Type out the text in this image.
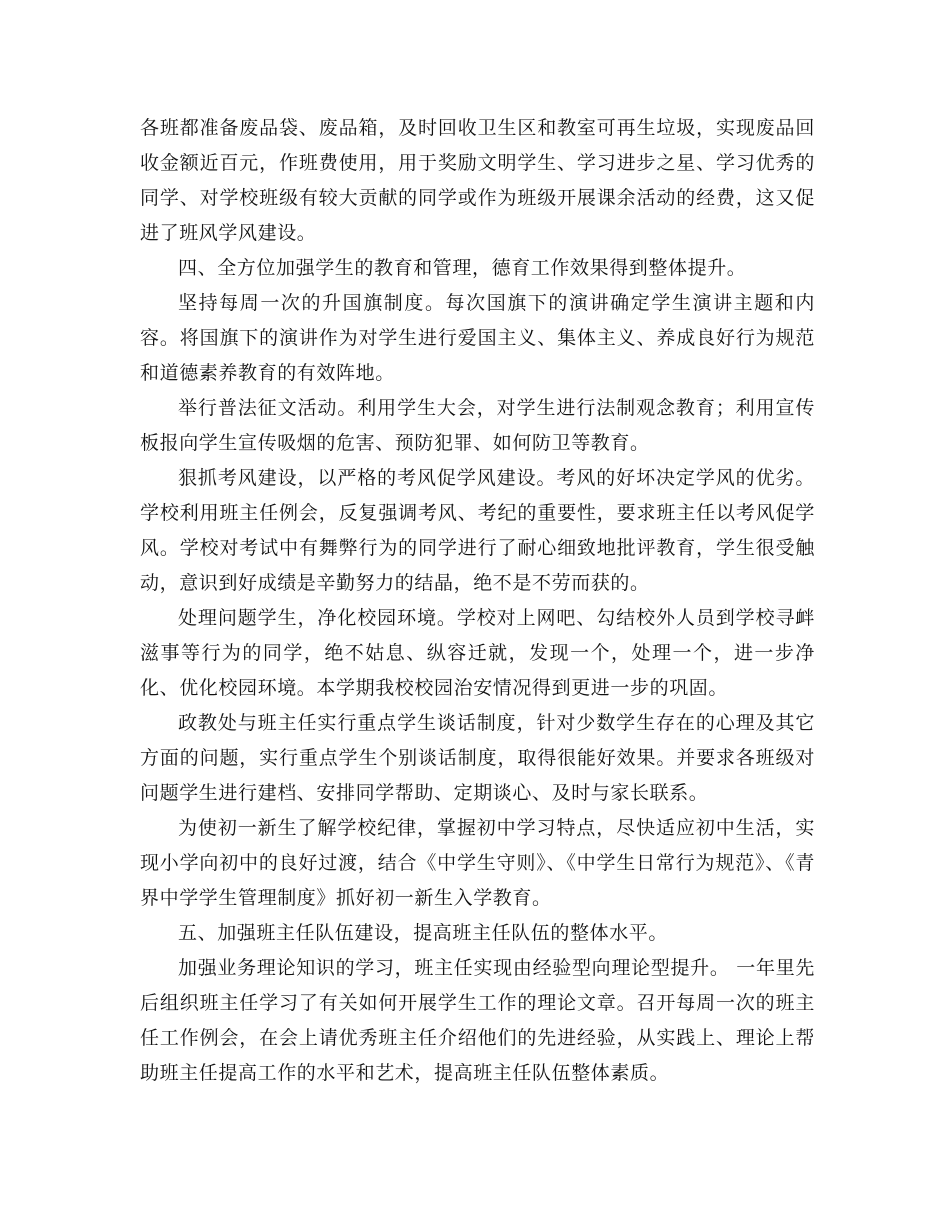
各班都准备废品袋、废品箱，及时回收卫生区和教室可再生垃圾，实现废品回收金额近百元，作班费使用，用于奖励文明学生、学习进步之星、学习优秀的同学、对学校班级有较大贡献的同学或作为班级开展课余活动的经费，这又促进了班风学风建设。

四、全方位加强学生的教育和管理，德育工作效果得到整体提升。

坚持每周一次的升国旗制度。每次国旗下的演讲确定学生演讲主题和内容。将国旗下的演讲作为对学生进行爱国主义、集体主义、养成良好行为规范和道德素养教育的有效阵地。

举行普法征文活动。利用学生大会，对学生进行法制观念教育；利用宣传板报向学生宣传吸烟的危害、预防犯罪、如何防卫等教育。

狠抓考风建设，以严格的考风促学风建设。考风的好坏决定学风的优劣。学校利用班主任例会，反复强调考风、考纪的重要性，要求班主任以考风促学风。学校对考试中有舞弊行为的同学进行了耐心细致地批评教育，学生很受触动，意识到好成绩是辛勤努力的结晶，绝不是不劳而获的。

处理问题学生，净化校园环境。学校对上网吧、勾结校外人员到学校寻衅滋事等行为的同学，绝不姑息、纵容迁就，发现一个，处理一个，进一步净化、优化校园环境。本学期我校校园治安情况得到更进一步的巩固。

政教处与班主任实行重点学生谈话制度，针对少数学生存在的心理及其它方面的问题，实行重点学生个别谈话制度，取得很能好效果。并要求各班级对问题学生进行建档、安排同学帮助、定期谈心、及时与家长联系。

为使初一新生了解学校纪律，掌握初中学习特点，尽快适应初中生活，实现小学向初中的良好过渡，结合《中学生守则》、《中学生日常行为规范》、《青界中学学生管理制度》抓好初一新生入学教育。

五、加强班主任队伍建设，提高班主任队伍的整体水平。

加强业务理论知识的学习，班主任实现由经验型向理论型提升。 一年里先后组织班主任学习了有关如何开展学生工作的理论文章。召开每周一次的班主任工作例会，在会上请优秀班主任介绍他们的先进经验，从实践上、理论上帮助班主任提高工作的水平和艺术，提高班主任队伍整体素质。
